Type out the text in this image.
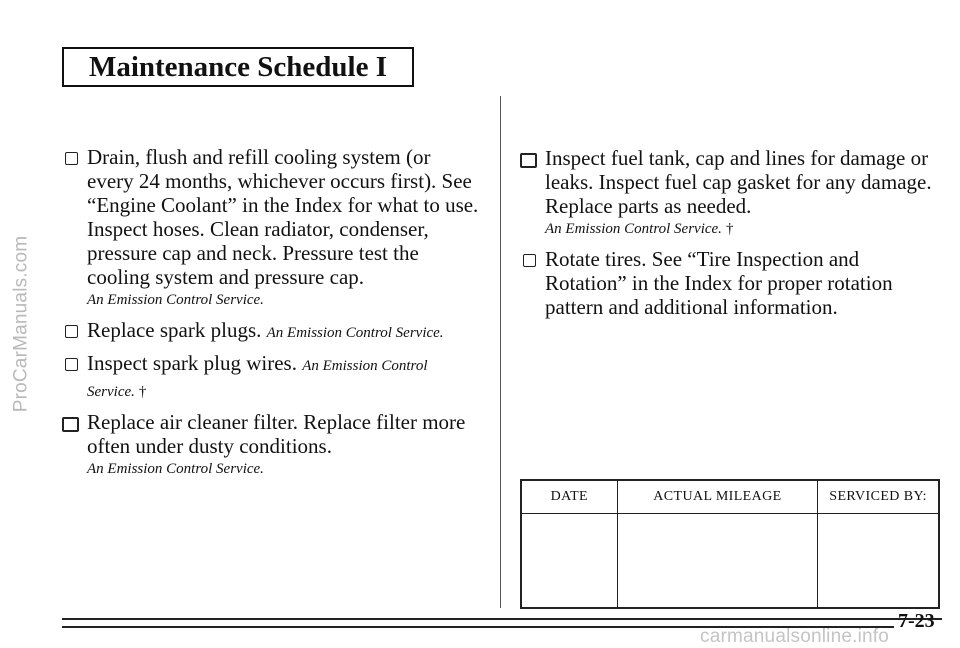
ProCarManuals.com
Maintenance Schedule I
Drain, flush and refill cooling system (or every 24 months, whichever occurs first). See “Engine Coolant” in the Index for what to use. Inspect hoses. Clean radiator, condenser, pressure cap and neck. Pressure test the cooling system and pressure cap.
An Emission Control Service.
Replace spark plugs. An Emission Control Service.
Inspect spark plug wires. An Emission Control Service. †
Replace air cleaner filter. Replace filter more often under dusty conditions.
An Emission Control Service.
Inspect fuel tank, cap and lines for damage or leaks. Inspect fuel cap gasket for any damage. Replace parts as needed.
An Emission Control Service. †
Rotate tires. See “Tire Inspection and Rotation” in the Index for proper rotation pattern and additional information.
DATE	ACTUAL MILEAGE	SERVICED BY:

7-23
carmanualsonline.info
